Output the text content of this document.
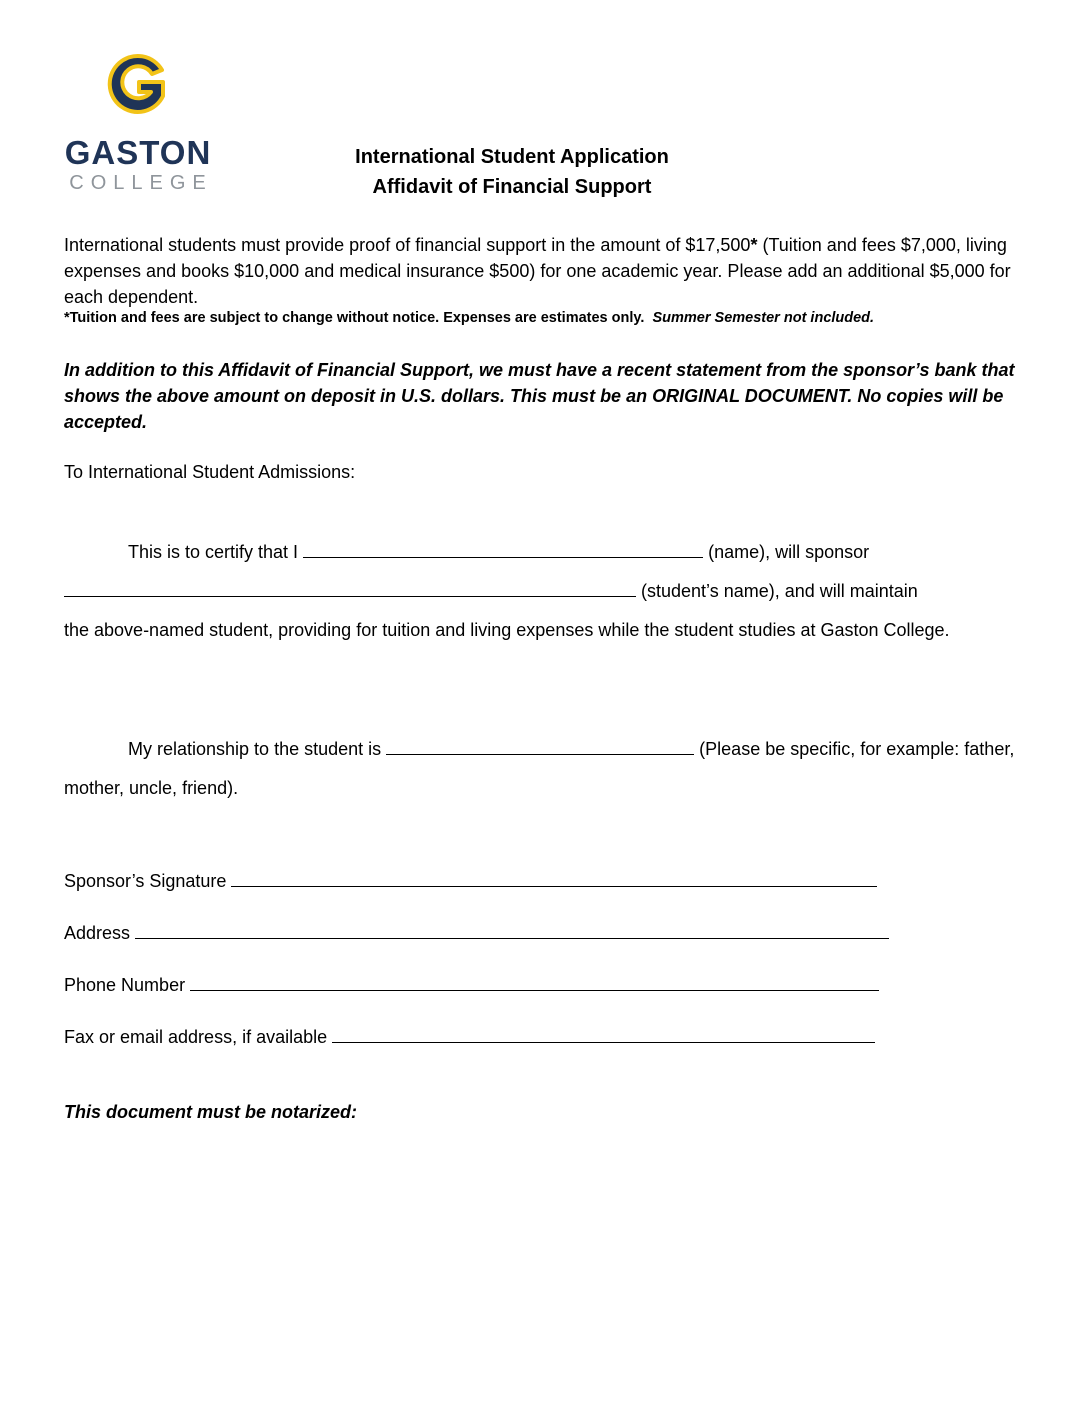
GASTON
COLLEGE
International Student Application
Affidavit of Financial Support
International students must provide proof of financial support in the amount of $17,500* (Tuition and fees $7,000, living expenses and books $10,000 and medical insurance $500) for one academic year. Please add an additional $5,000 for each dependent.
*Tuition and fees are subject to change without notice. Expenses are estimates only. Summer Semester not included.
In addition to this Affidavit of Financial Support, we must have a recent statement from the sponsor’s bank that shows the above amount on deposit in U.S. dollars. This must be an ORIGINAL DOCUMENT. No copies will be accepted.
To International Student Admissions:
This is to certify that I	(name), will sponsor
(student’s name), and will maintain
the above-named student, providing for tuition and living expenses while the student studies at Gaston College.
My relationship to the student is	(Please be specific, for example: father, mother, uncle, friend).
Sponsor’s Signature
Address
Phone Number
Fax or email address, if available
This document must be notarized:
